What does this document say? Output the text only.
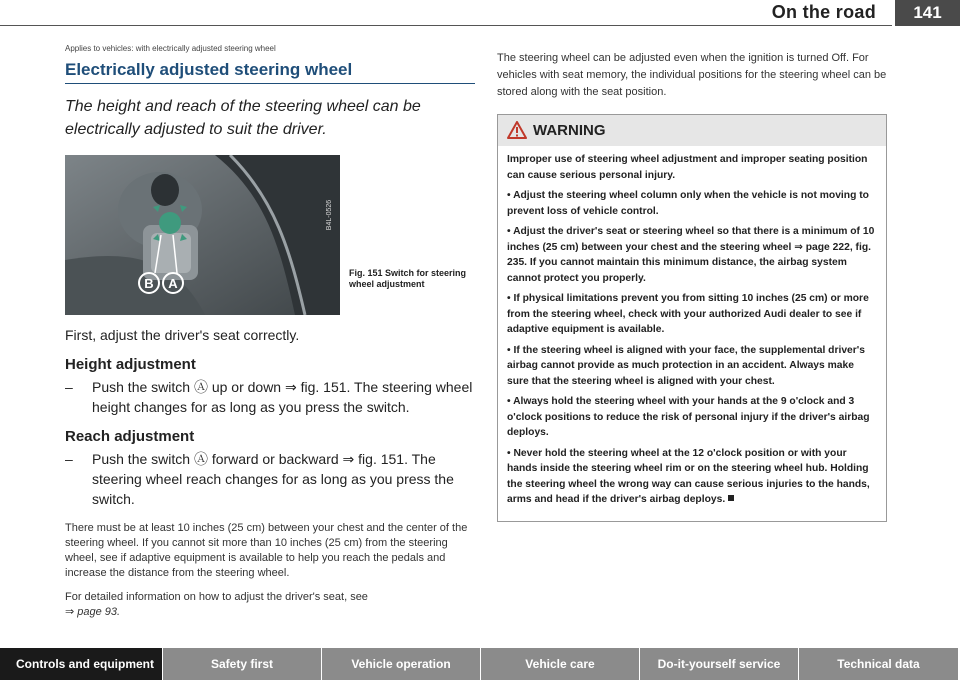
On the road	141
Applies to vehicles: with electrically adjusted steering wheel
Electrically adjusted steering wheel
The height and reach of the steering wheel can be electrically adjusted to suit the driver.
B A
B4L-0526
Fig. 151 Switch for steering wheel adjustment
First, adjust the driver's seat correctly.
Height adjustment
–	Push the switch Ⓐ up or down ⇒ fig. 151. The steering wheel height changes for as long as you press the switch.
Reach adjustment
–	Push the switch Ⓐ forward or backward ⇒ fig. 151. The steering wheel reach changes for as long as you press the switch.
There must be at least 10 inches (25 cm) between your chest and the center of the steering wheel. If you cannot sit more than 10 inches (25 cm) from the steering wheel, see if adaptive equipment is available to help you reach the pedals and increase the distance from the steering wheel.
For detailed information on how to adjust the driver's seat, see
⇒ page 93.
The steering wheel can be adjusted even when the ignition is turned Off. For vehicles with seat memory, the individual positions for the steering wheel can be stored along with the seat position.
WARNING

Improper use of steering wheel adjustment and improper seating position can cause serious personal injury.

• Adjust the steering wheel column only when the vehicle is not moving to prevent loss of vehicle control.

• Adjust the driver's seat or steering wheel so that there is a minimum of 10 inches (25 cm) between your chest and the steering wheel ⇒ page 222, fig. 235. If you cannot maintain this minimum distance, the airbag system cannot protect you properly.

• If physical limitations prevent you from sitting 10 inches (25 cm) or more from the steering wheel, check with your authorized Audi dealer to see if adaptive equipment is available.

• If the steering wheel is aligned with your face, the supplemental driver's airbag cannot provide as much protection in an accident. Always make sure that the steering wheel is aligned with your chest.

• Always hold the steering wheel with your hands at the 9 o'clock and 3 o'clock positions to reduce the risk of personal injury if the driver's airbag deploys.

• Never hold the steering wheel at the 12 o'clock position or with your hands inside the steering wheel rim or on the steering wheel hub. Holding the steering wheel the wrong way can cause serious injuries to the hands, arms and head if the driver's airbag deploys.

Controls and equipment	Safety first	Vehicle operation	Vehicle care	Do-it-yourself service	Technical data
